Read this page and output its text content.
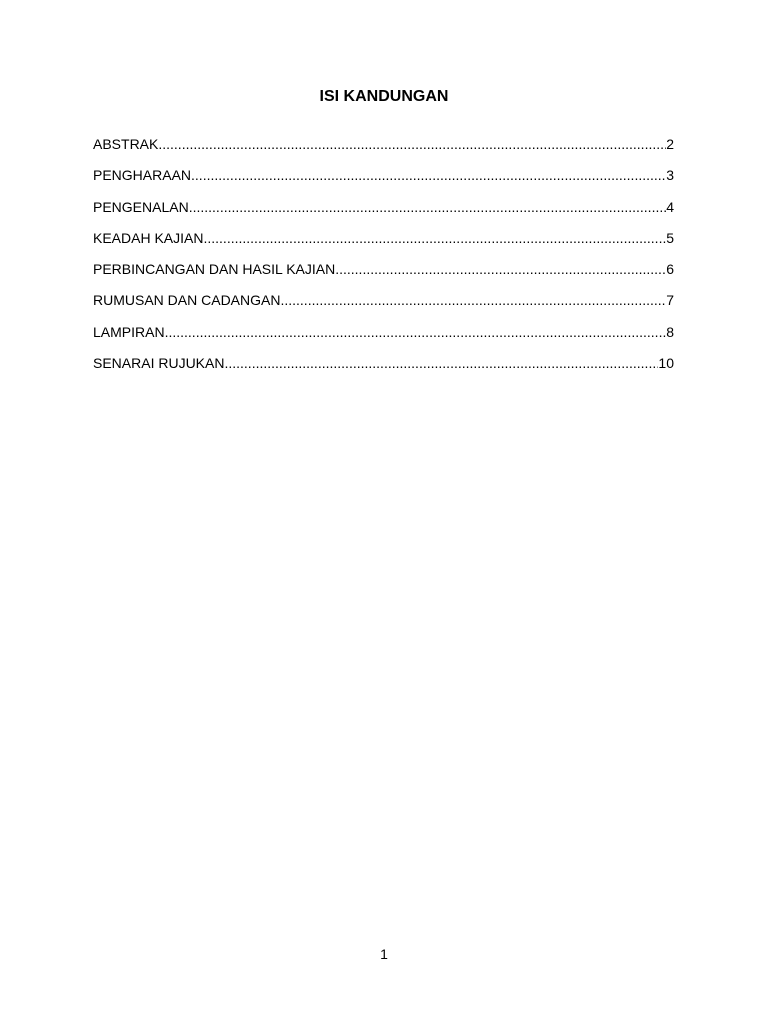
ISI KANDUNGAN
ABSTRAK .....	2
PENGHARAAN .....	3
PENGENALAN .....	4
KEADAH KAJIAN .....	5
PERBINCANGAN DAN HASIL KAJIAN .....	6
RUMUSAN DAN CADANGAN .....	7
LAMPIRAN .....	8
SENARAI RUJUKAN .....	10
1
